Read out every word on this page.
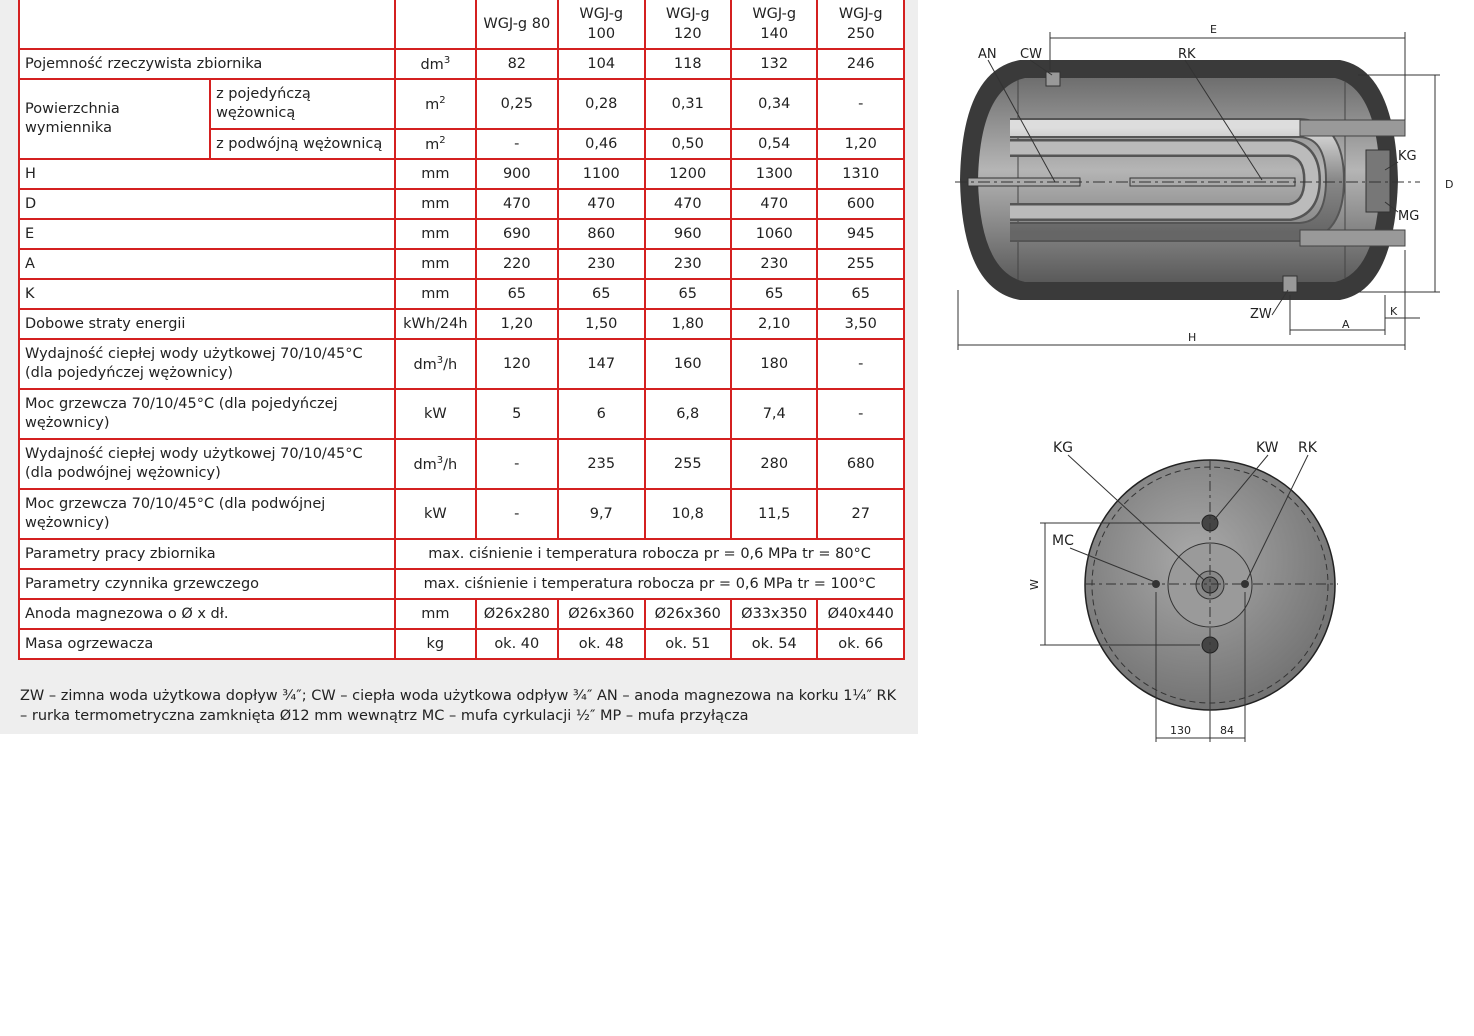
			WGJ-g 80	WGJ-g 100	WGJ-g 120	WGJ-g 140	WGJ-g 250

Pojemność rzeczywista zbiornika		$dm^3$	82	104	118	132	246
Powierzchnia wymiennika	z pojedyńczą wężownicą	$m^2$	0,25	0,28	0,31	0,34	-
	z podwójną wężownicą	$m^2$	-	0,46	0,50	0,54	1,20
H		mm	900	1100	1200	1300	1310
D		mm	470	470	470	470	600
E		mm	690	860	960	1060	945
A		mm	220	230	230	230	255
K		mm	65	65	65	65	65
Dobowe straty energii		kWh/24h	1,20	1,50	1,80	2,10	3,50
Wydajność ciepłej wody użytkowej 70/10/45°C (dla pojedyńczej wężownicy)		$dm^3/h$	120	147	160	180	-
Moc grzewcza 70/10/45°C (dla pojedyńczej wężownicy)		kW	5	6	6,8	7,4	-
Wydajność ciepłej wody użytkowej 70/10/45°C (dla podwójnej wężownicy)		$dm^3/h$	-	235	255	280	680
Moc grzewcza 70/10/45°C (dla podwójnej wężownicy)		kW	-	9,7	10,8	11,5	27
Parametry pracy zbiornika		max. ciśnienie i temperatura robocza pr = 0,6 MPa tr = 80°C					
Parametry czynnika grzewczego		max. ciśnienie i temperatura robocza pr = 0,6 MPa tr = 100°C					
Anoda magnezowa o Ø x dł.		mm	Ø26x280	Ø26x360	Ø26x360	Ø33x350	Ø40x440
Masa ogrzewacza		kg	ok. 40	ok. 48	ok. 51	ok. 54	ok. 66
ZW – zimna woda użytkowa dopływ ¾″; CW – ciepła woda użytkowa odpływ ¾″ AN – anoda magnezowa na korku 1¼″ RK – rurka termometryczna zamknięta Ø12 mm wewnątrz MC – mufa cyrkulacji ½″ MP – mufa przyłącza
AN CW	RK
KG
MG
ZW
E
D
H
A
K
KG	KW RK
MC
W
130	84
